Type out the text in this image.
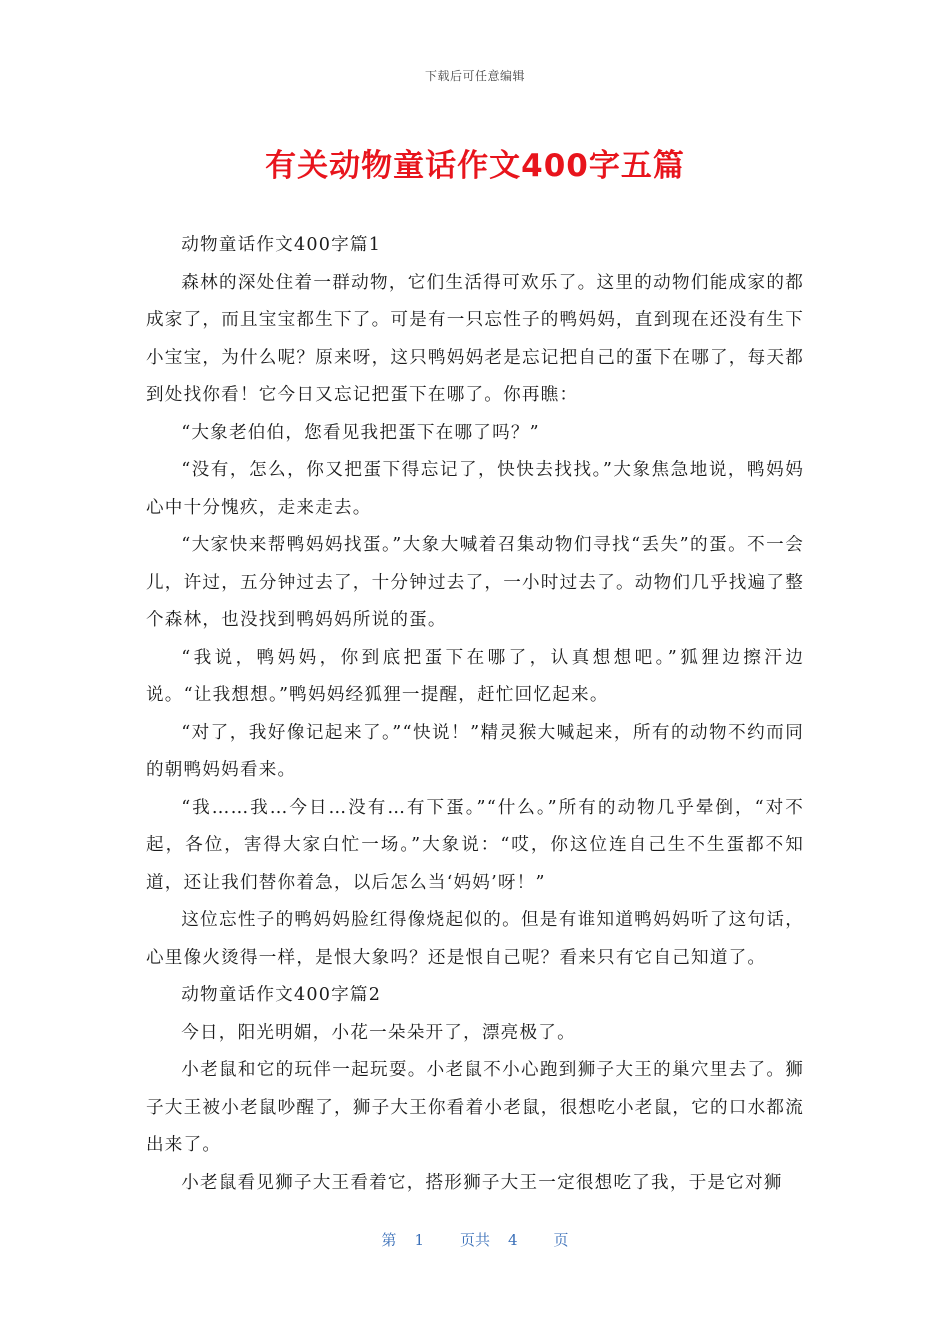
下载后可任意编辑
有关动物童话作文400字五篇

动物童话作文400字篇1

森林的深处住着一群动物，它们生活得可欢乐了。这里的动物们能成家的都成家了，而且宝宝都生下了。可是有一只忘性子的鸭妈妈，直到现在还没有生下小宝宝，为什么呢？原来呀，这只鸭妈妈老是忘记把自己的蛋下在哪了，每天都到处找你看！它今日又忘记把蛋下在哪了。你再瞧：

“大象老伯伯，您看见我把蛋下在哪了吗？”

“没有，怎么，你又把蛋下得忘记了，快快去找找。”大象焦急地说，鸭妈妈心中十分愧疚，走来走去。

“大家快来帮鸭妈妈找蛋。”大象大喊着召集动物们寻找“丢失”的蛋。不一会儿，许过，五分钟过去了，十分钟过去了，一小时过去了。动物们几乎找遍了整个森林，也没找到鸭妈妈所说的蛋。

“我说，鸭妈妈，你到底把蛋下在哪了，认真想想吧。”狐狸边擦汗边说。“让我想想。”鸭妈妈经狐狸一提醒，赶忙回忆起来。

“对了，我好像记起来了。”“快说！”精灵猴大喊起来，所有的动物不约而同的朝鸭妈妈看来。

“我……我…今日…没有…有下蛋。”“什么。”所有的动物几乎晕倒，“对不起，各位，害得大家白忙一场。”大象说：“哎，你这位连自己生不生蛋都不知道，还让我们替你着急，以后怎么当‘妈妈’呀！”

这位忘性子的鸭妈妈脸红得像烧起似的。但是有谁知道鸭妈妈听了这句话，心里像火烫得一样，是恨大象吗？还是恨自己呢？看来只有它自己知道了。

动物童话作文400字篇2

今日，阳光明媚，小花一朵朵开了，漂亮极了。

小老鼠和它的玩伴一起玩耍。小老鼠不小心跑到狮子大王的巢穴里去了。狮子大王被小老鼠吵醒了，狮子大王你看着小老鼠，很想吃小老鼠，它的口水都流出来了。

小老鼠看见狮子大王看着它，搭形狮子大王一定很想吃了我，于是它对狮

第 1 页共 4 页
